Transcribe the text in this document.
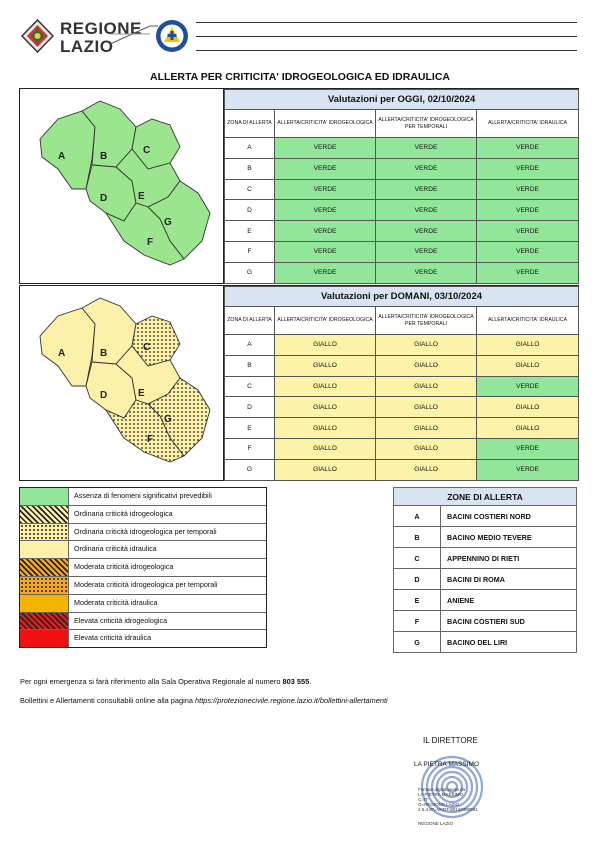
REGIONE
LAZIO
ALLERTA PER CRITICITA' IDROGEOLOGICA ED IDRAULICA
A	B
C
D	E
G
F
Valutazioni per OGGI, 02/10/2024			
ZONA DI ALLERTA	ALLERTA/CRITICITA' IDROGEOLOGICA	ALLERTA/CRITICITA' IDROGEOLOGICA PER TEMPORALI	ALLERTA/CRITICITA' IDRAULICA
A	VERDE	VERDE	VERDE
B	VERDE	VERDE	VERDE
C	VERDE	VERDE	VERDE
D	VERDE	VERDE	VERDE
E	VERDE	VERDE	VERDE
F	VERDE	VERDE	VERDE
G	VERDE	VERDE	VERDE
A	B
C
D	E
G
F
Valutazioni per DOMANI, 03/10/2024			
ZONA DI ALLERTA	ALLERTA/CRITICITA' IDROGEOLOGICA	ALLERTA/CRITICITA' IDROGEOLOGICA PER TEMPORALI	ALLERTA/CRITICITA' IDRAULICA
A	GIALLO	GIALLO	GIALLO
B	GIALLO	GIALLO	GIALLO
C	GIALLO	GIALLO	VERDE
D	GIALLO	GIALLO	GIALLO
E	GIALLO	GIALLO	GIALLO
F	GIALLO	GIALLO	VERDE
G	GIALLO	GIALLO	VERDE
Assenza di fenomeni significativi prevedibili
Ordinaria criticità idrogeologica
Ordinaria criticità idrogeologica per temporali
Ordinaria criticità idraulica
Moderata criticità idrogeologica
Moderata criticità idrogeologica per temporali
Moderata criticità idraulica
Elevata criticità idrogeologica
Elevata criticità idraulica
ZONE DI ALLERTA	
A	BACINI COSTIERI NORD
B	BACINO MEDIO TEVERE
C	APPENNINO DI RIETI
D	BACINI DI ROMA
E	ANIENE
F	BACINI COSTIERI SUD
G	BACINO DEL LIRI
Per ogni emergenza si farà riferimento alla Sala Operativa Regionale al numero 803 555.
Bollettini e Allertamenti consultabili online alla pagina https://protezionecivile.regione.lazio.it/bollettini-allertamenti
IL DIRETTORE
LA PIETRA MASSIMO
Firmato digitalmente da
LA PIETRA MASSIMO
C=IT
O=REGIONE LAZIO
2.5.4.97=VATIT-80143490581
REGIONE LAZIO
